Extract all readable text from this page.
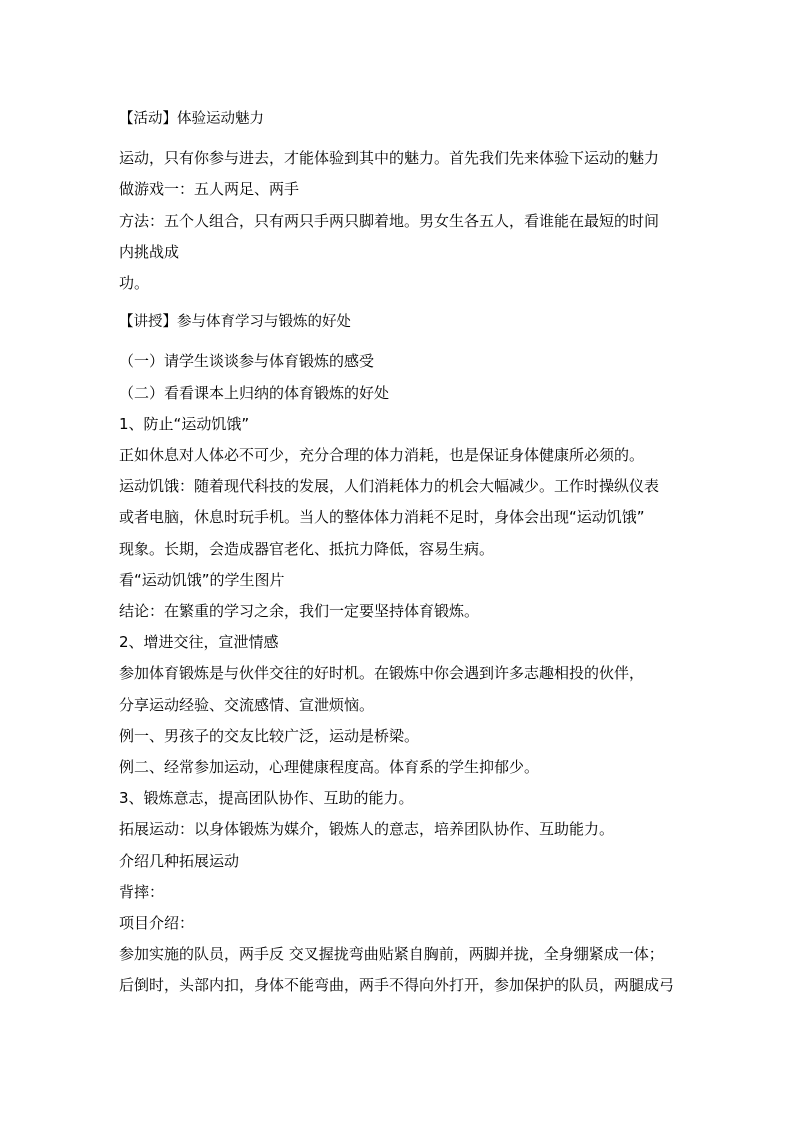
【活动】体验运动魅力

运动，只有你参与进去，才能体验到其中的魅力。首先我们先来体验下运动的魅力

做游戏一：五人两足、两手

方法：五个人组合，只有两只手两只脚着地。男女生各五人，看谁能在最短的时间

内挑战成

功。

【讲授】参与体育学习与锻炼的好处

（一）请学生谈谈参与体育锻炼的感受

（二）看看课本上归纳的体育锻炼的好处

1、防止“运动饥饿”

正如休息对人体必不可少，充分合理的体力消耗，也是保证身体健康所必须的。

运动饥饿：随着现代科技的发展，人们消耗体力的机会大幅减少。工作时操纵仪表

或者电脑，休息时玩手机。当人的整体体力消耗不足时，身体会出现“运动饥饿”

现象。长期，会造成器官老化、抵抗力降低，容易生病。

看“运动饥饿”的学生图片

结论：在繁重的学习之余，我们一定要坚持体育锻炼。

2、增进交往，宣泄情感

参加体育锻炼是与伙伴交往的好时机。在锻炼中你会遇到许多志趣相投的伙伴，

分享运动经验、交流感情、宣泄烦恼。

例一、男孩子的交友比较广泛，运动是桥梁。

例二、经常参加运动，心理健康程度高。体育系的学生抑郁少。

3、锻炼意志，提高团队协作、互助的能力。

拓展运动：以身体锻炼为媒介，锻炼人的意志，培养团队协作、互助能力。

介绍几种拓展运动

背摔：

项目介绍：

参加实施的队员，两手反 交叉握拢弯曲贴紧自胸前，两脚并拢，全身绷紧成一体；

后倒时，头部内扣，身体不能弯曲，两手不得向外打开，参加保护的队员，两腿成弓
